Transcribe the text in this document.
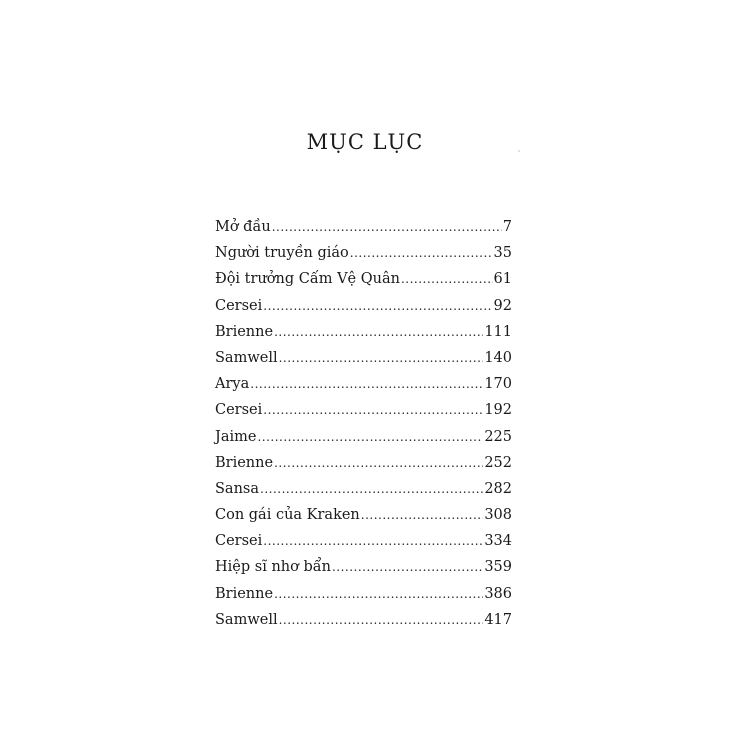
MỤC LỤC
Mở đầu .....	7
Người truyền giáo .....	35
Đội trưởng Cấm Vệ Quân .....	61
Cersei .....	92
Brienne .....	111
Samwell .....	140
Arya .....	170
Cersei .....	192
Jaime .....	225
Brienne .....	252
Sansa .....	282
Con gái của Kraken .....	308
Cersei .....	334
Hiệp sĩ nhơ bẩn .....	359
Brienne .....	386
Samwell .....	417
